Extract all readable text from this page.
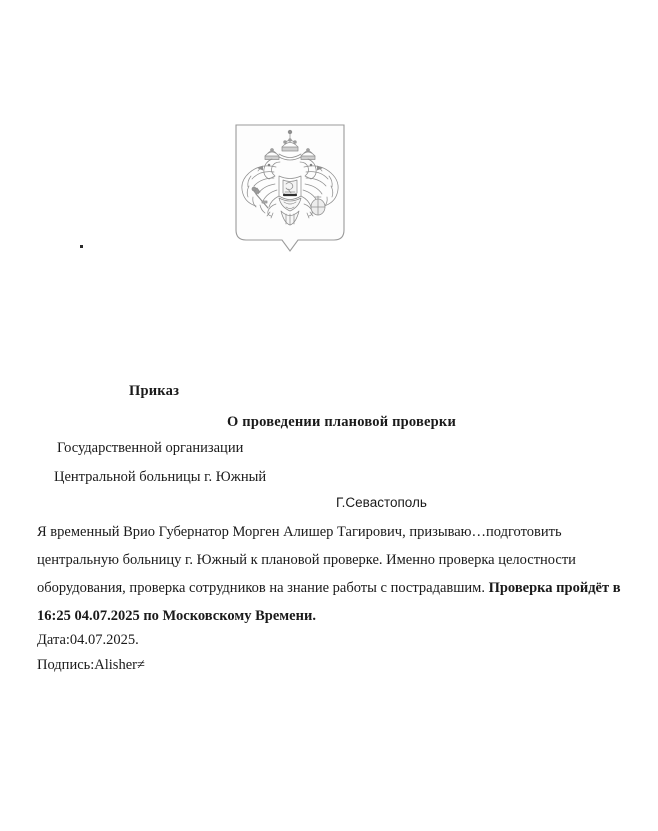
Приказ
О проведении плановой проверки
Государственной организации
Центральной больницы г. Южный
Г.Севастополь
Я временный Врио Губернатор Морген Алишер Тагирович, призываю…подготовить центральную больницу г. Южный к плановой проверке. Именно проверка целостности оборудования, проверка сотрудников на знание работы с пострадавшим. Проверка пройдёт в 16:25 04.07.2025 по Московскому Времени.
Дата:04.07.2025.
Подпись:Alisher≠
